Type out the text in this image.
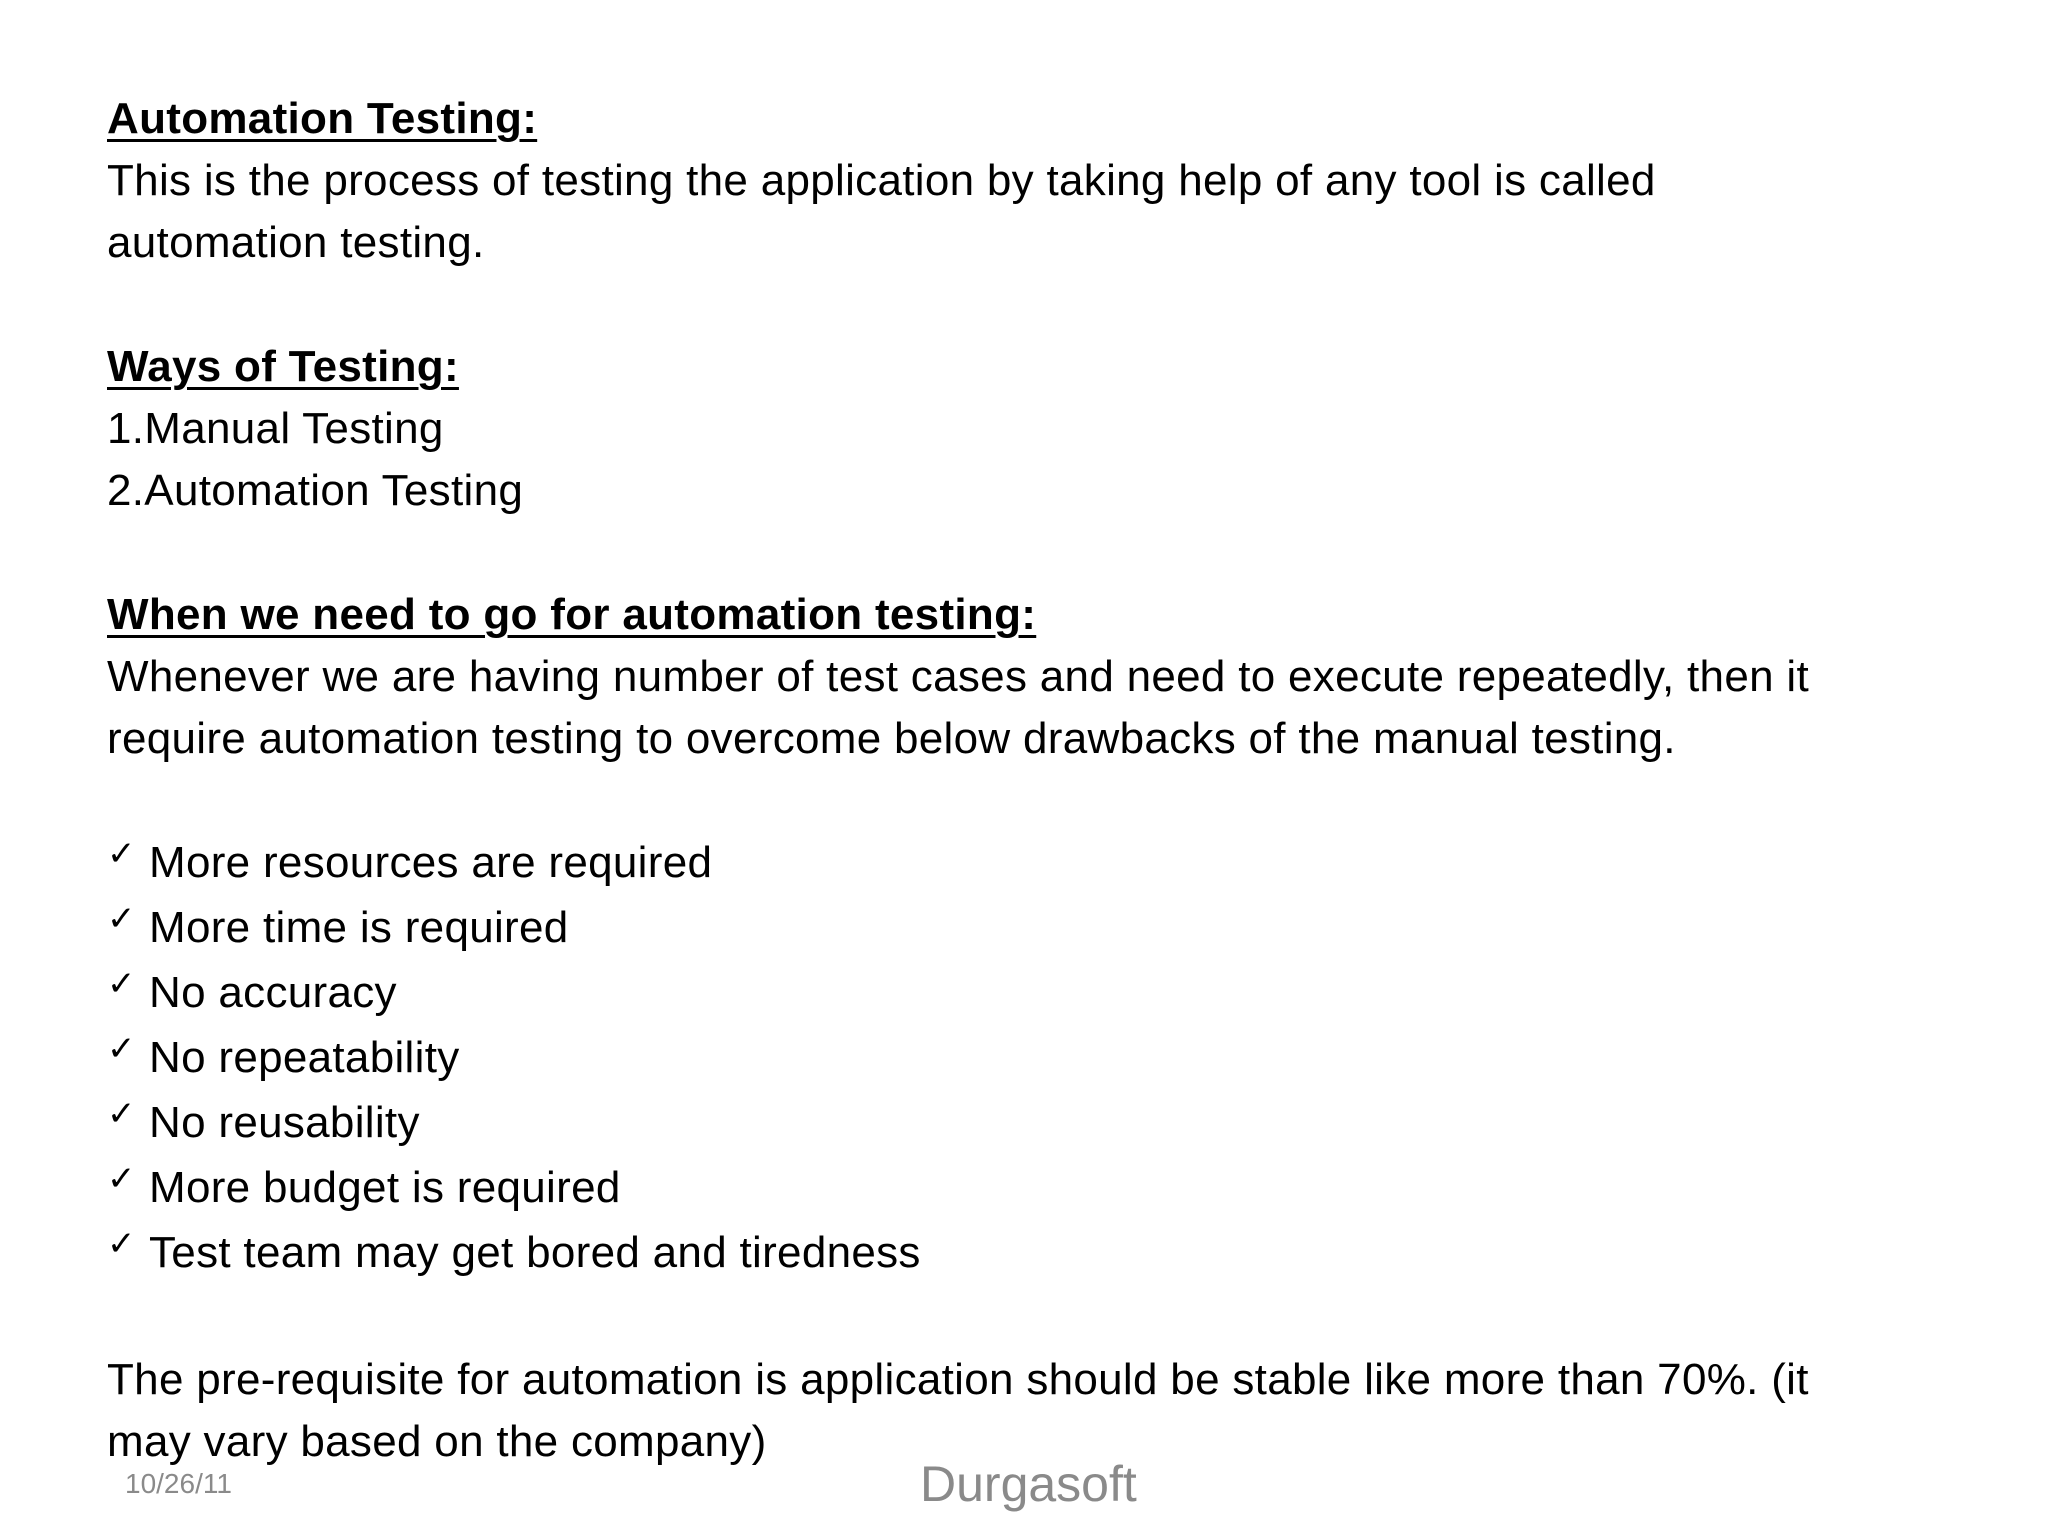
Automation Testing:
This is the process of testing the application by taking help of any tool is called
automation testing.
Ways of Testing:
1.Manual Testing
2.Automation Testing
When we need to go for automation testing:
Whenever we are having number of test cases and need to execute repeatedly, then it
require automation testing to overcome below drawbacks of the manual testing.
✓ More resources are required
✓ More time is required
✓ No accuracy
✓ No repeatability
✓ No reusability
✓ More budget is required
✓ Test team may get bored and tiredness
The pre-requisite for automation is application should be stable like more than 70%. (it
may vary based on the company)
10/26/11	Durgasoft
